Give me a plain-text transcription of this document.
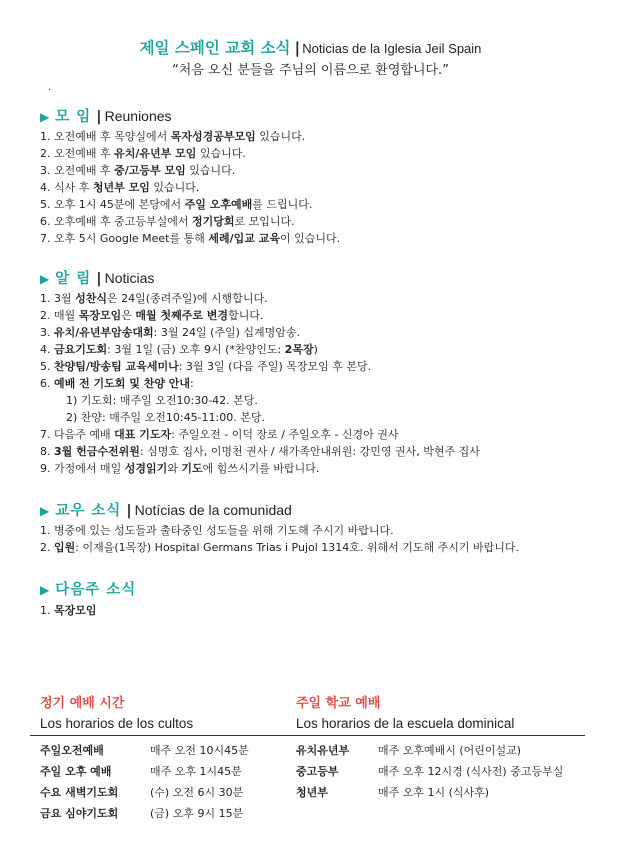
제일 스페인 교회 소식 | Noticias de la Iglesia Jeil Spain
“처음 오신 분들을 주님의 이름으로 환영합니다.”
.
▶ 모 임 | Reuniones
1. 오전예배 후 목양실에서 목자성경공부모임 있습니다.
2. 오전예배 후 유치/유년부 모임 있습니다.
3. 오전예배 후 중/고등부 모임 있습니다.
4. 식사 후 청년부 모임 있습니다.
5. 오후 1시 45분에 본당에서 주일 오후예배를 드립니다.
6. 오후예배 후 중고등부실에서 정기당회로 모입니다.
7. 오후 5시 Google Meet를 통해 세례/입교 교육이 있습니다.
▶ 알 림 | Noticias
1. 3월 성찬식은 24일(종려주일)에 시행합니다.
2. 매월 목장모임은 매월 첫째주로 변경합니다.
3. 유치/유년부암송대회: 3월 24일 (주일) 십계명암송.
4. 금요기도회: 3월 1일 (금) 오후 9시 (*찬양인도: 2목장)
5. 찬양팀/방송팀 교육세미나: 3월 3일 (다음 주일) 목장모임 후 본당.
6. 예배 전 기도회 및 찬양 안내:
1) 기도회: 매주일 오전10:30-42. 본당.
2) 찬양: 매주일 오전10:45-11:00. 본당.
7. 다음주 예배 대표 기도자: 주일오전 - 이덕 장로 / 주일오후 - 신경아 권사
8. 3월 헌금수전위원: 심명호 집사, 이명천 권사 / 새가족안내위원: 강민영 권사, 박현주 집사
9. 가정에서 매일 성경읽기와 기도에 힘쓰시기를 바랍니다.
▶ 교우 소식 | Notícias de la comunidad
1. 병중에 있는 성도들과 출타중인 성도들을 위해 기도해 주시기 바랍니다.
2. 입원: 이재을(1목장) Hospital Germans Trias i Pujol 1314호. 위해서 기도해 주시기 바랍니다.
▶ 다음주 소식
1. 목장모임
정기 예배 시간
Los horarios de los cultos
주일 학교 예배
Los horarios de la escuela dominical
주일오전예배	매주 오전 10시45분
주일 오후 예배	매주 오후 1시45분
수요 새벽기도회	(수) 오전 6시 30분
금요 심야기도회	(금) 오후 9시 15분
유치유년부	매주 오후예배시 (어린이설교)
중고등부	매주 오후 12시경 (식사전) 중고등부실
청년부	매주 오후 1시 (식사후)
